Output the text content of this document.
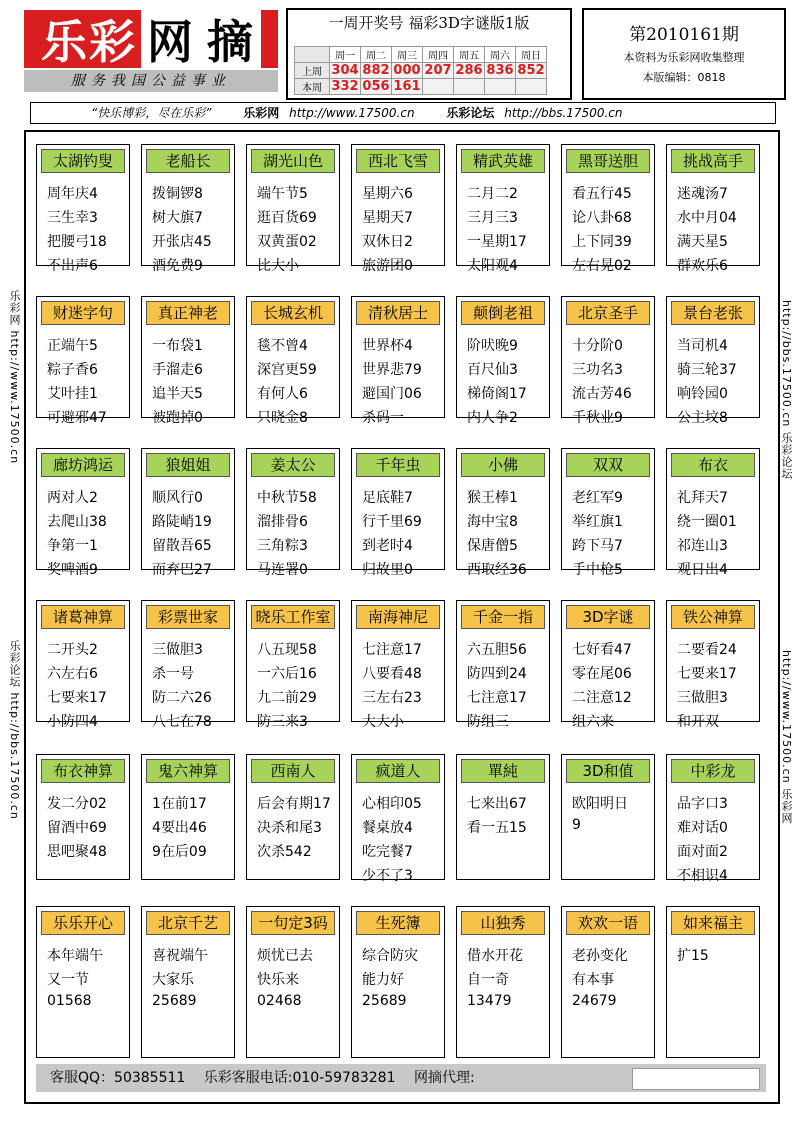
乐 彩 网 摘
服务我国公益事业
一周开奖号 福彩3D字谜版1版
	周一	周二	周三	周四	周五	周六	周日
上周	304	882	000	207	286	836	852
本周	332	056	161				
第2010161期
本资料为乐彩网收集整理
本版编辑：0818
“快乐博彩，尽在乐彩”	乐彩网 http://www.17500.cn	乐彩论坛 http://bbs.17500.cn
乐彩网 http://www.17500.cn
乐彩论坛 http://bbs.17500.cn
http://bbs.17500.cn 乐彩论坛
http://www.17500.cn 乐彩网
太湖钓叟
周年庆4
三生幸3
把腰弓18
不出声6
老船长
拨铜锣8
树大旗7
开张店45
酒免费9
湖光山色
端午节5
逛百货69
双黄蛋02
比大小
西北飞雪
星期六6
星期天7
双休日2
旅游团0
精武英雄
二月二2
三月三3
一星期17
太阳观4
黑哥送胆
看五行45
论八卦68
上下同39
左右晃02
挑战高手
迷魂汤7
水中月04
满天星5
群欢乐6
财迷字句
正端午5
粽子香6
艾叶挂1
可避邪47
真正神老
一布袋1
手溜走6
追半天5
被跑掉0
长城玄机
毯不曾4
深宫更59
有何人6
只晓金8
清秋居士
世界杯4
世界悲79
避国门06
杀码一
颠倒老祖
阶吠晚9
百尺仙3
梯倚阁17
内人争2
北京圣手
十分阶0
三功名3
流古芳46
千秋业9
景台老张
当司机4
骑三轮37
响铃园0
公主坟8
廊坊鸿运
两对人2
去爬山38
争第一1
奖啤酒9
狼姐姐
顺风行0
路陡峭19
留散吾65
而弃巴27
姜太公
中秋节58
溜排骨6
三角粽3
马连署0
千年虫
足底鞋7
行千里69
到老时4
归故里0
小佛
猴王棒1
海中宝8
保唐僧5
西取经36
双双
老红军9
举红旗1
跨下马7
手中枪5
布衣
礼拜天7
绕一圈01
祁连山3
观日出4
诸葛神算
二开头2
六左右6
七要来17
小防四4
彩票世家
三做胆3
杀一号
防二六26
八七在78
晓乐工作室
八五现58
一六后16
九二前29
防三来3
南海神尼
七注意17
八要看48
三左右23
大大小
千金一指
六五胆56
防四到24
七注意17
防组三
3D字谜
七好看47
零在尾06
二注意12
组六来
铁公神算
二要看24
七要来17
三做胆3
和开双
布衣神算
发二分02
留酒中69
思吧聚48
鬼六神算
1在前17
4要出46
9在后09
西南人
后会有期17
决杀和尾3
次杀542
疯道人
心相印05
餐桌放4
吃完餐7
少不了3
單純
七来出67
看一五15
3D和值
欧阳明日
9
中彩龙
品字口3
难对话0
面对面2
不相识4
乐乐开心
本年端午
又一节
01568
北京千艺
喜祝端午
大家乐
25689
一句定3码
烦忧已去
快乐来
02468
生死簿
综合防灾
能力好
25689
山独秀
借水开花
自一奇
13479
欢欢一语
老孙变化
有本事
24679
如来福主
扩15
客服QQ：50385511 乐彩客服电话:010-59783281 网摘代理:
